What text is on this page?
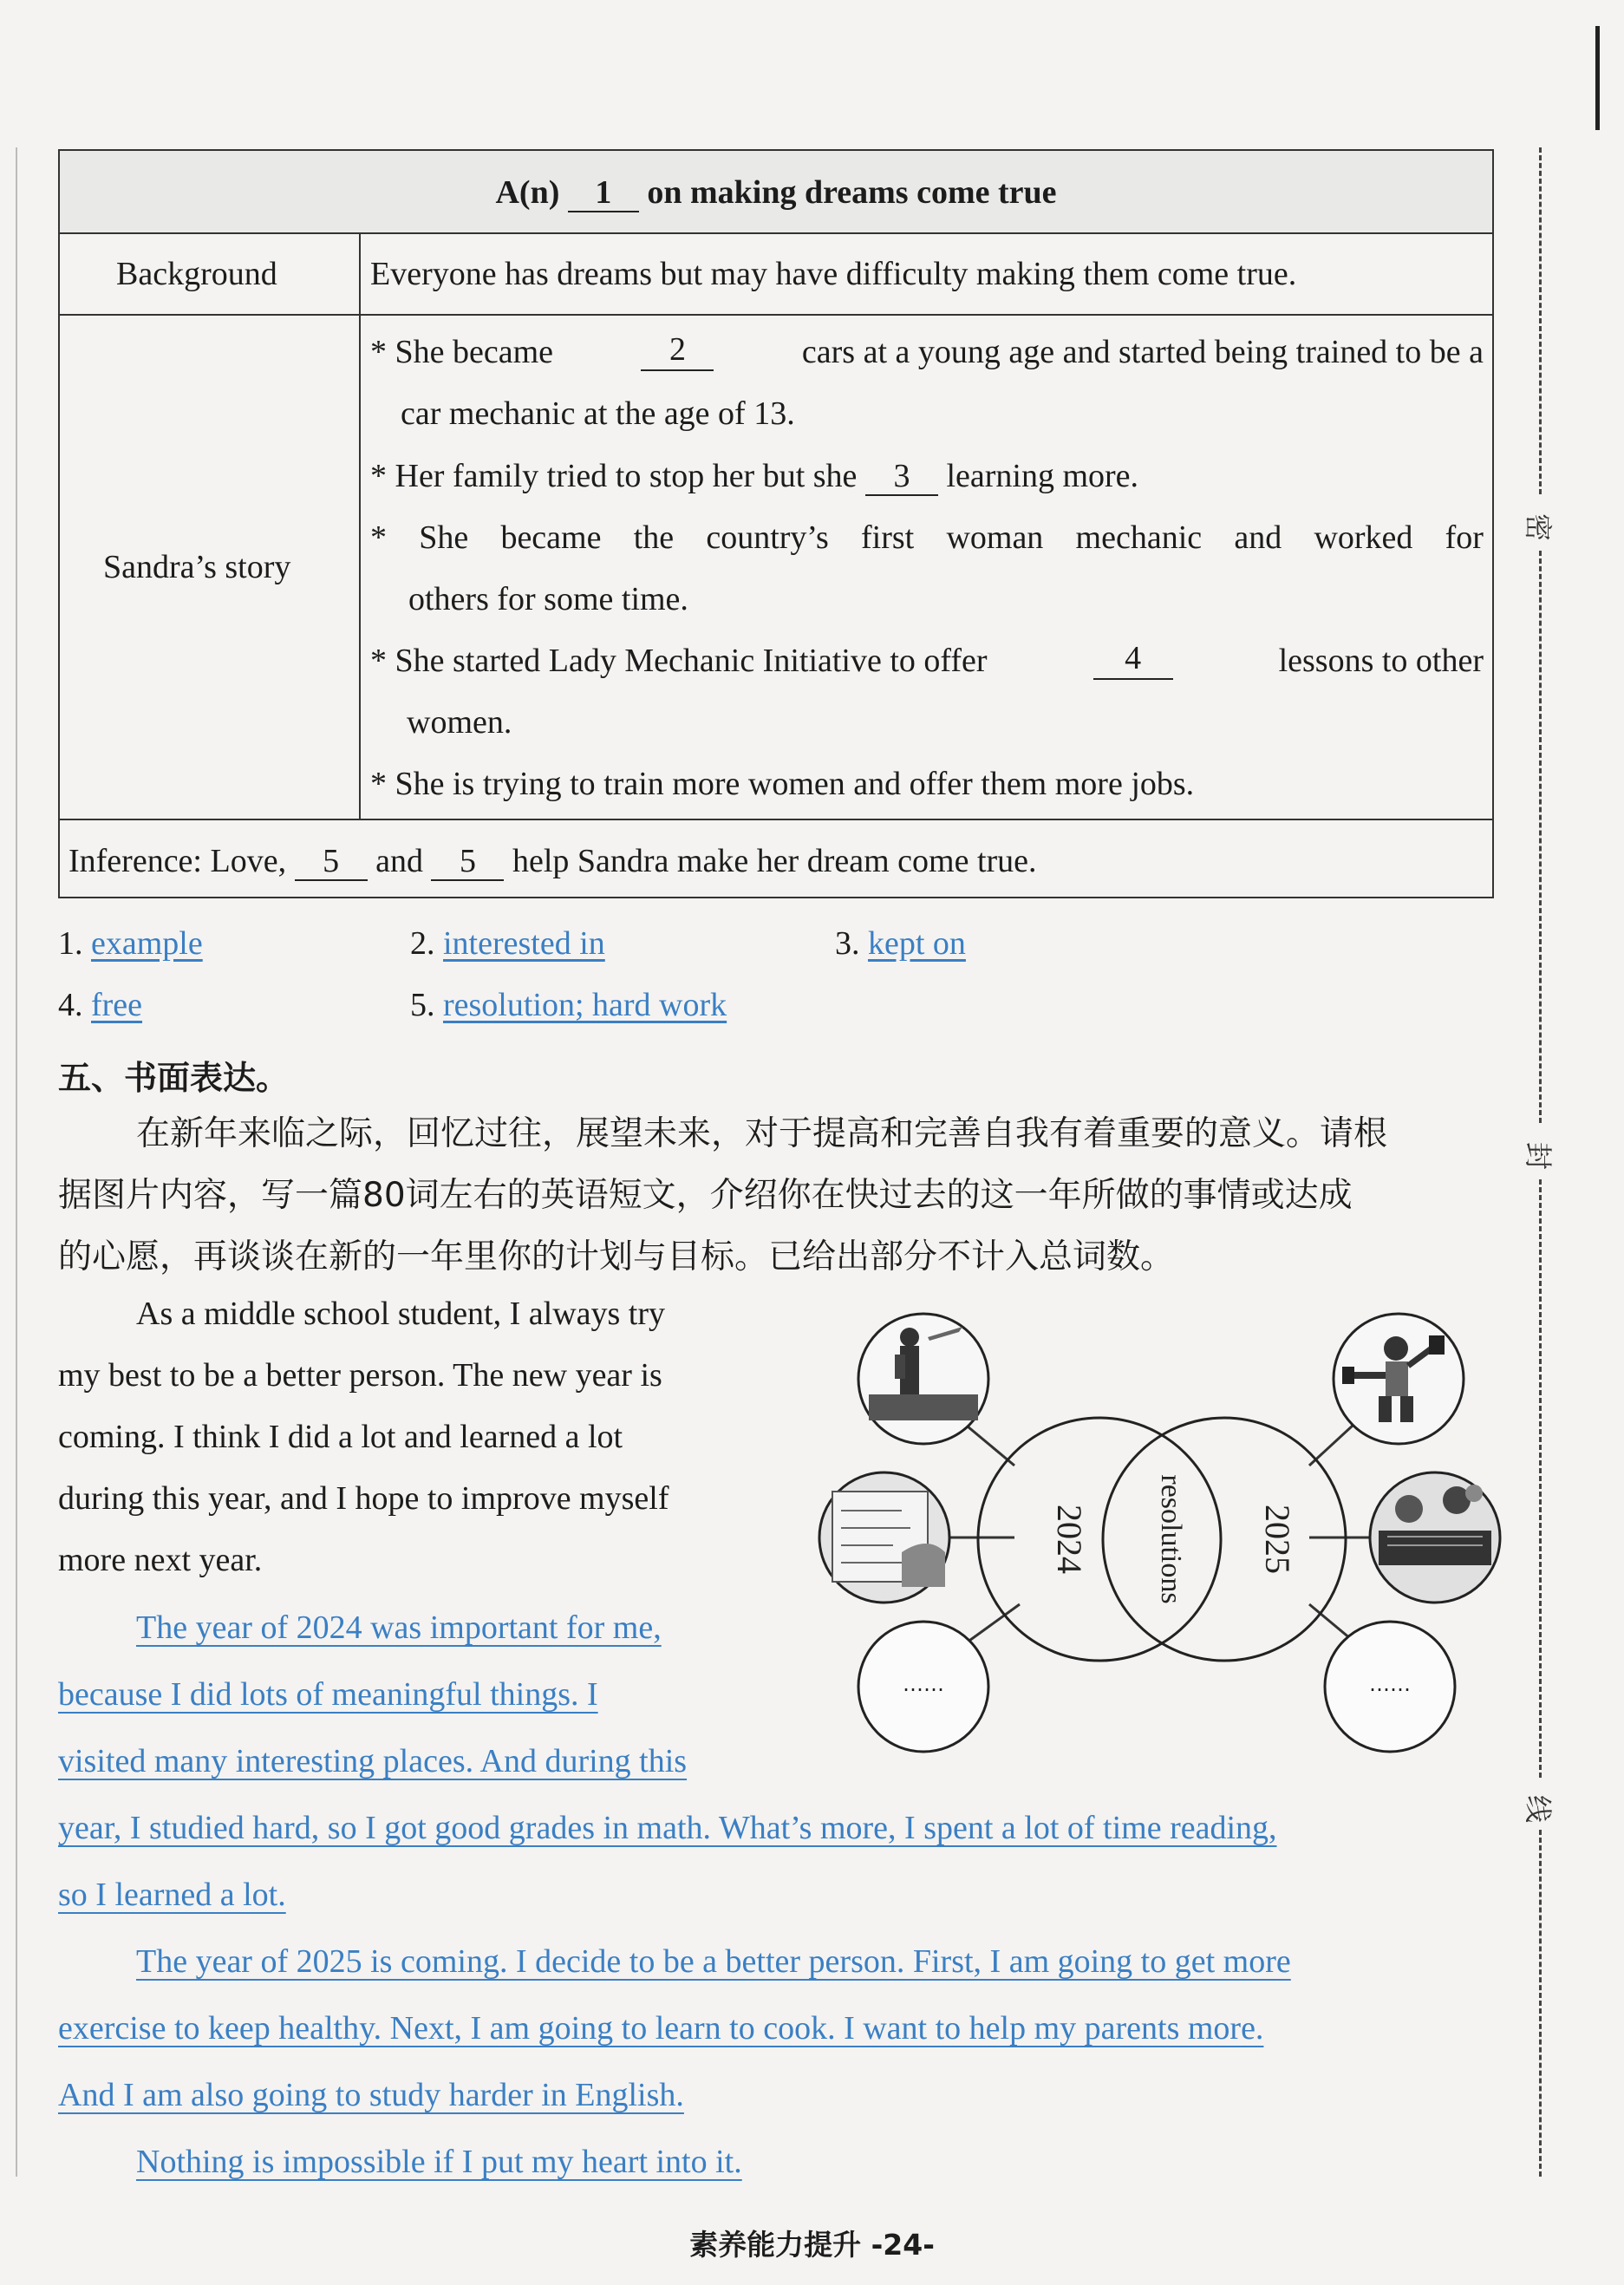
A(n) 1 on making dreams come true
Background	Everyone has dreams but may have difficulty making them come true.
Sandra’s story
* She became	2	cars at a young age and started being trained to be a
car mechanic at the age of 13.
* Her family tried to stop her but she 3 learning more.
* She became the country’s first woman mechanic and worked for
others for some time.
* She started Lady Mechanic Initiative to offer	4	lessons to other
women.
* She is trying to train more women and offer them more jobs.
Inference: Love, 5 and 5 help Sandra make her dream come true.
1. example	2. interested in	3. kept on
4. free	5. resolution; hard work
五、书面表达。
在新年来临之际，回忆过往，展望未来，对于提高和完善自我有着重要的意义。请根
据图片内容，写一篇80词左右的英语短文，介绍你在快过去的这一年所做的事情或达成
的心愿，再谈谈在新的一年里你的计划与目标。已给出部分不计入总词数。
As a middle school student, I always try
my best to be a better person. The new year is
coming. I think I did a lot and learned a lot
during this year, and I hope to improve myself
more next year.
The year of 2024 was important for me,
because I did lots of meaningful things. I
visited many interesting places. And during this
year, I studied hard, so I got good grades in math. What’s more, I spent a lot of time reading,
so I learned a lot.
The year of 2025 is coming. I decide to be a better person. First, I am going to get more
exercise to keep healthy. Next, I am going to learn to cook. I want to help my parents more.
And I am also going to study harder in English.
Nothing is impossible if I put my heart into it.
2024 resolutions 2025
……	……
密
封
线
素养能力提升 -24-
